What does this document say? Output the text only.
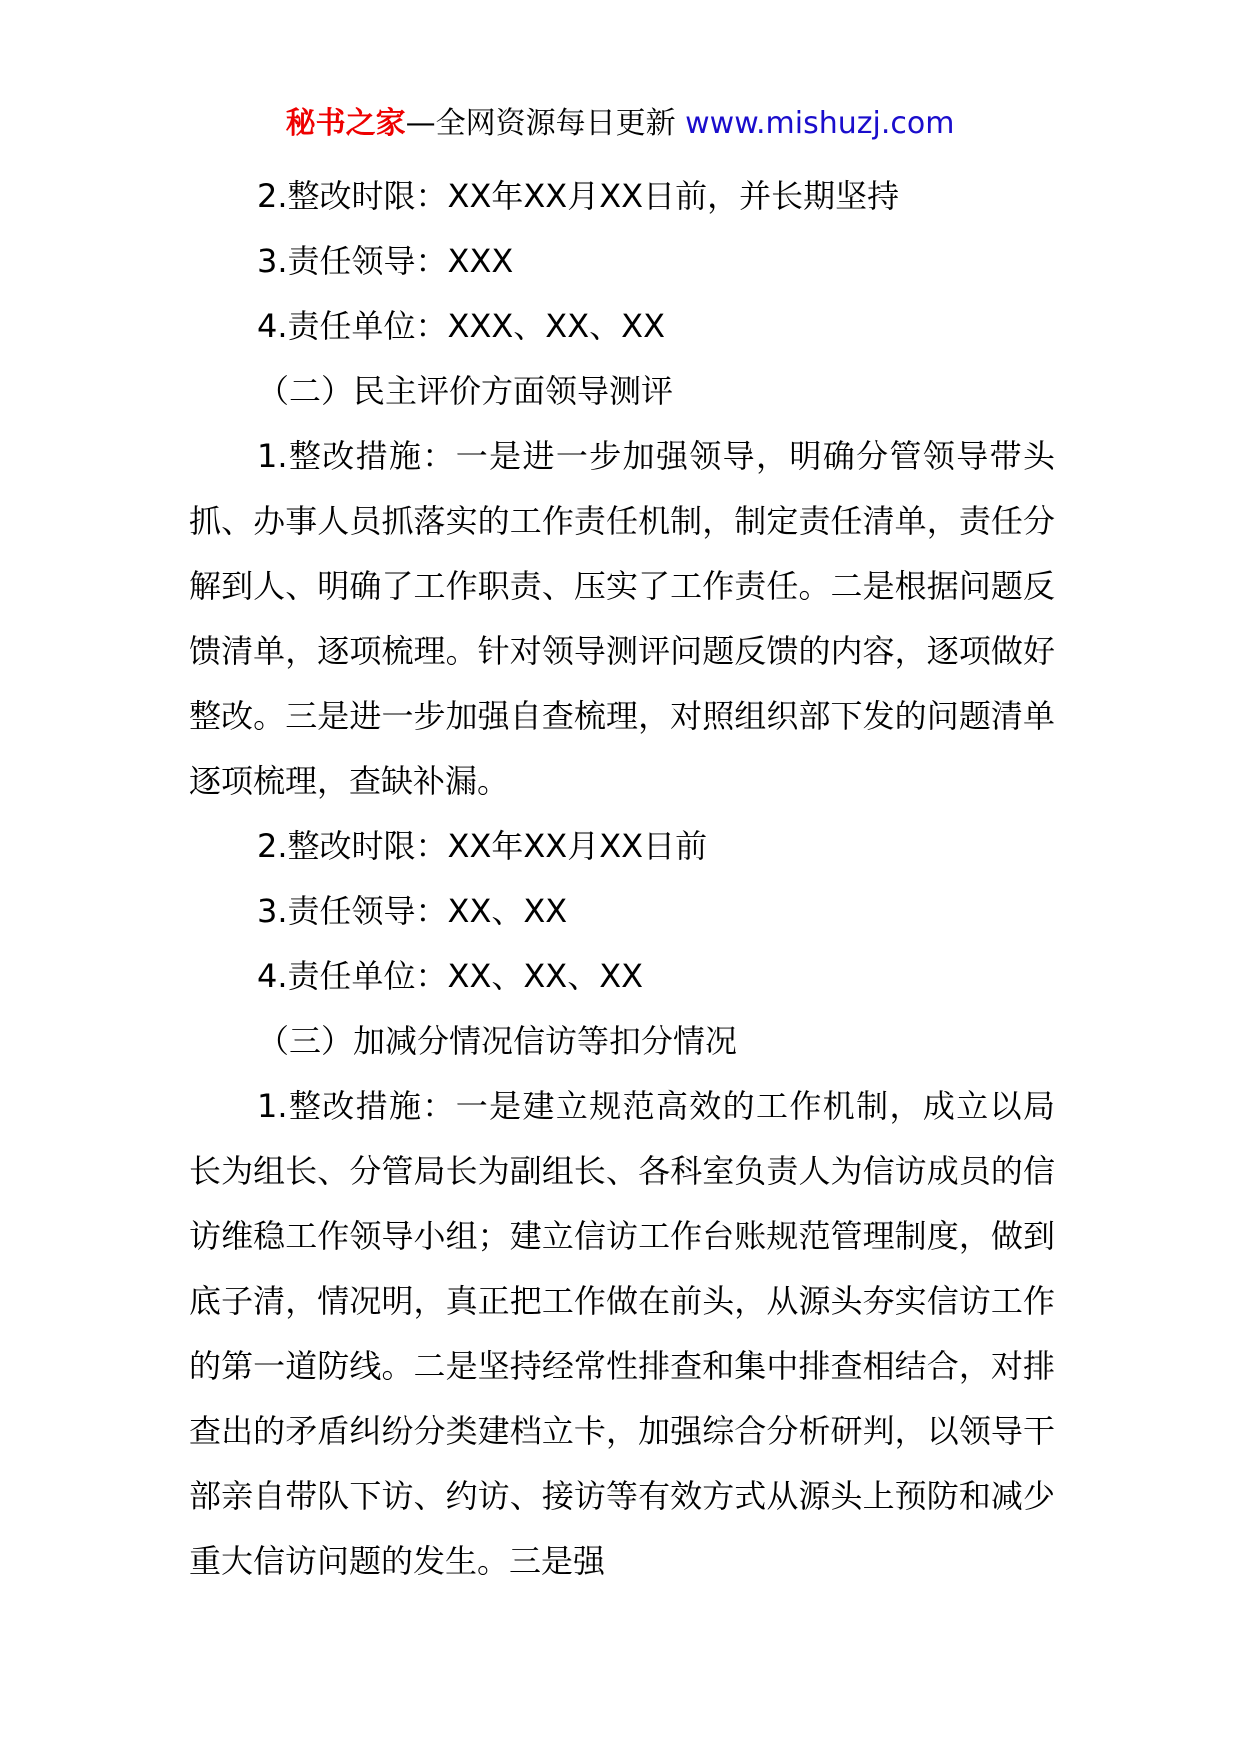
秘书之家—全网资源每日更新 www.mishuzj.com

2.整改时限：XX年XX月XX日前，并长期坚持

3.责任领导：XXX

4.责任单位：XXX、XX、XX

（二）民主评价方面领导测评

1.整改措施：一是进一步加强领导，明确分管领导带头抓、办事人员抓落实的工作责任机制，制定责任清单，责任分解到人、明确了工作职责、压实了工作责任。二是根据问题反馈清单，逐项梳理。针对领导测评问题反馈的内容，逐项做好整改。三是进一步加强自查梳理，对照组织部下发的问题清单逐项梳理，查缺补漏。

2.整改时限：XX年XX月XX日前

3.责任领导：XX、XX

4.责任单位：XX、XX、XX

（三）加减分情况信访等扣分情况

1.整改措施：一是建立规范高效的工作机制，成立以局长为组长、分管局长为副组长、各科室负责人为信访成员的信访维稳工作领导小组；建立信访工作台账规范管理制度，做到底子清，情况明，真正把工作做在前头，从源头夯实信访工作的第一道防线。二是坚持经常性排查和集中排查相结合，对排查出的矛盾纠纷分类建档立卡，加强综合分析研判，以领导干部亲自带队下访、约访、接访等有效方式从源头上预防和减少重大信访问题的发生。三是强
